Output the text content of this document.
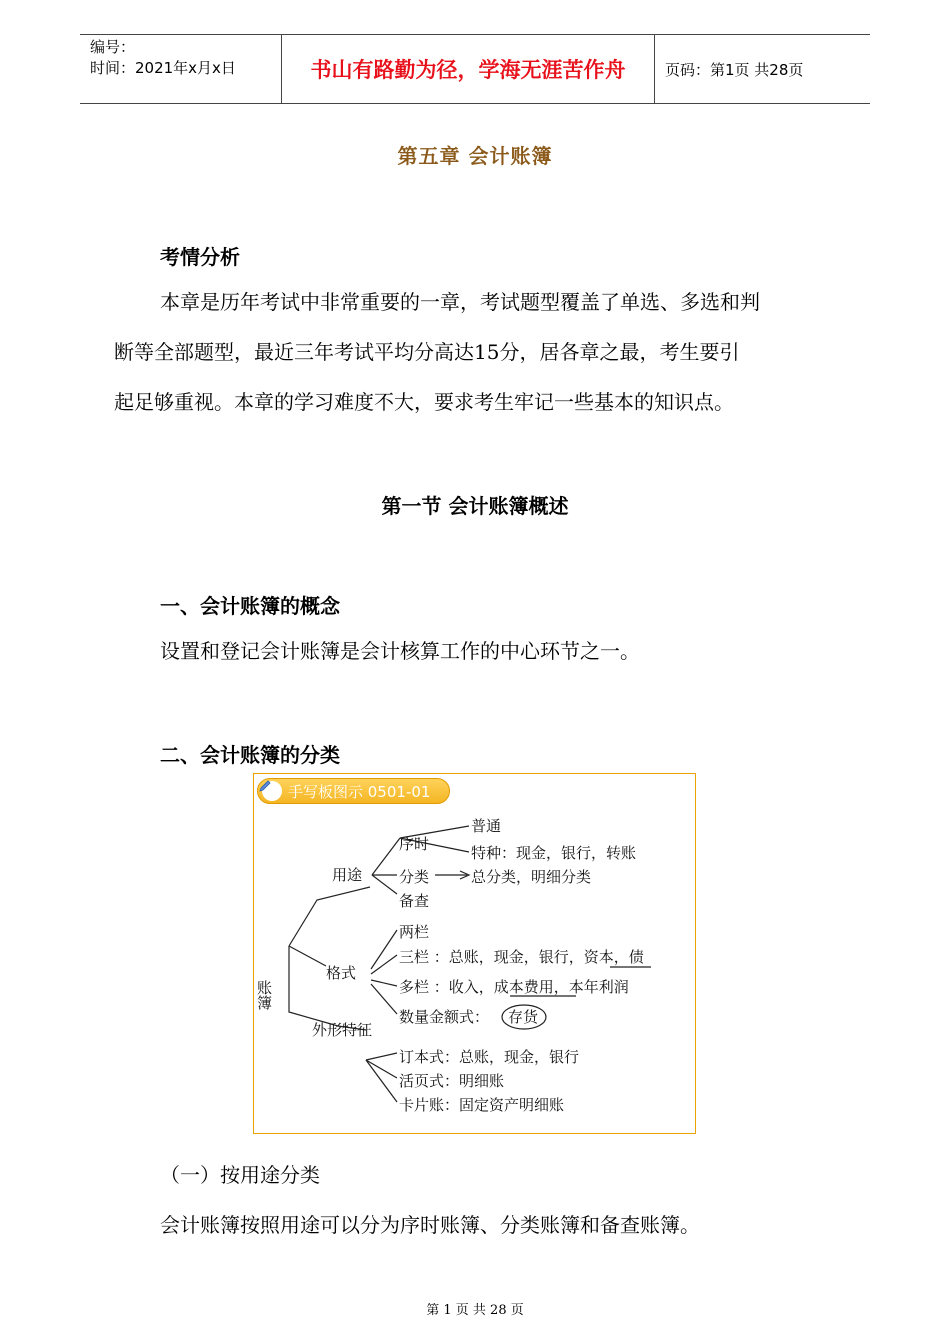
编号：
时间：2021年x月x日	书山有路勤为径，学海无涯苦作舟	页码：第1页 共28页
第五章 会计账簿
考情分析
本章是历年考试中非常重要的一章，考试题型覆盖了单选、多选和判
断等全部题型，最近三年考试平均分高达15分，居各章之最，考生要引
起足够重视。本章的学习难度不大，要求考生牢记一些基本的知识点。
第一节 会计账簿概述
一、会计账簿的概念
设置和登记会计账簿是会计核算工作的中心环节之一。
二、会计账簿的分类
普通
序时	特种：现金，银行，转账
用途 分类	总分类，明细分类
备查
两栏
三栏 ：总账，现金，银行，资本，债
账簿
格式
多栏 ：收入，成本费用，本年利润
数量金额式： 存货
外形特征
订本式：总账，现金，银行
活页式：明细账
卡片账：固定资产明细账
手写板图示 0501-01
（一）按用途分类
会计账簿按照用途可以分为序时账簿、分类账簿和备查账簿。
第 1 页 共 28 页
